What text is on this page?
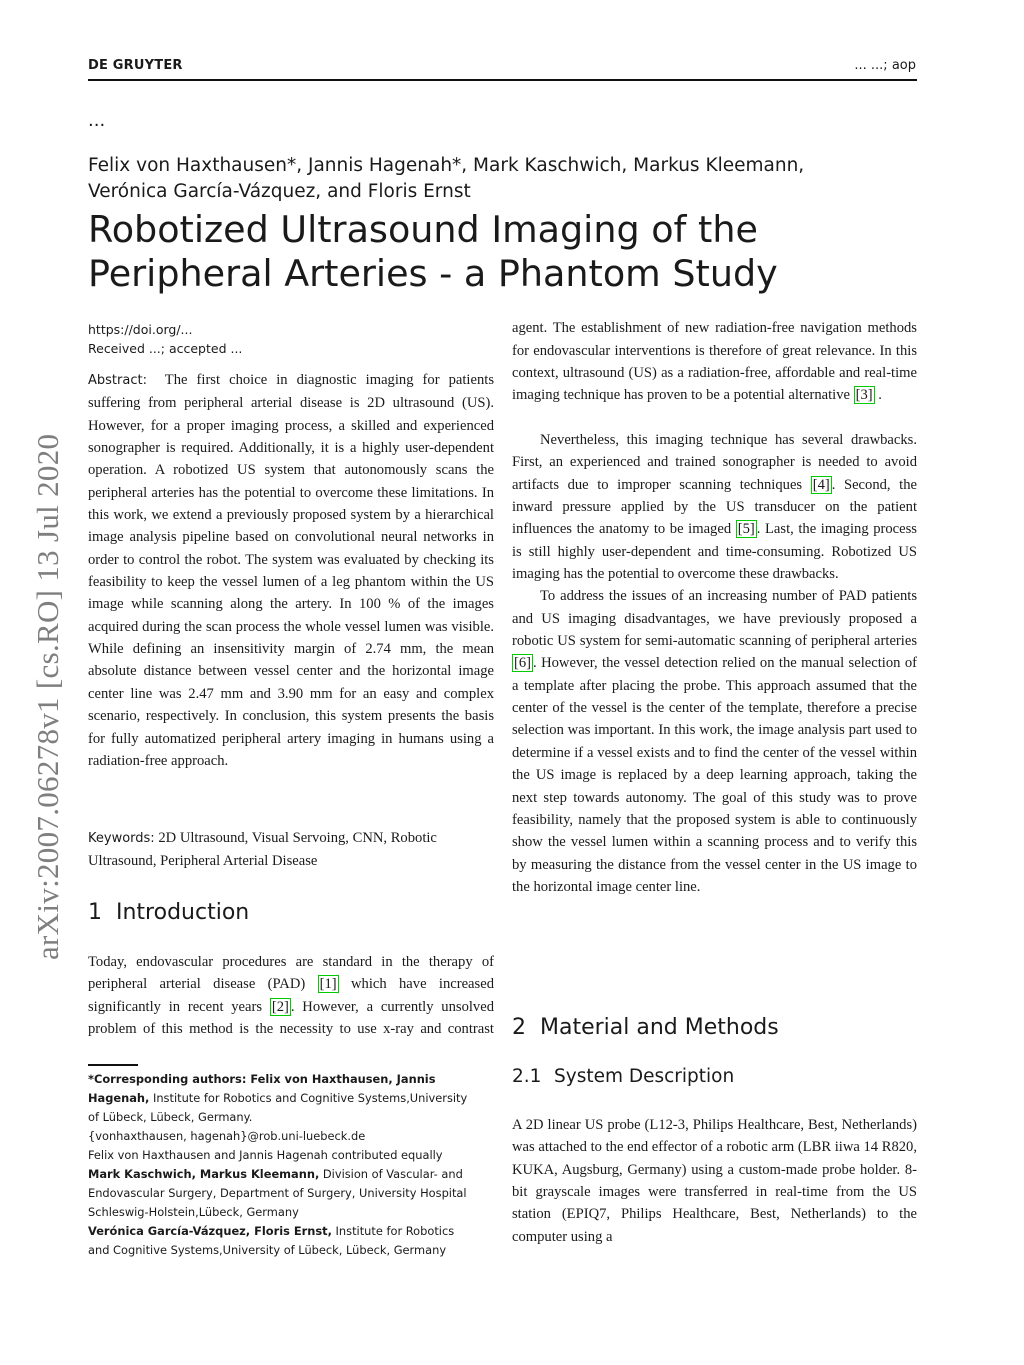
DE GRUYTER	... ...; aop
...
Felix von Haxthausen*, Jannis Hagenah*, Mark Kaschwich, Markus Kleemann, Verónica García-Vázquez, and Floris Ernst
Robotized Ultrasound Imaging of the
Peripheral Arteries - a Phantom Study
arXiv:2007.06278v1 [cs.RO] 13 Jul 2020
https://doi.org/...
Received ...; accepted ...

Abstract: The first choice in diagnostic imaging for patients suffering from peripheral arterial disease is 2D ultrasound (US). However, for a proper imaging process, a skilled and experienced sonographer is required. Additionally, it is a highly user-dependent operation. A robotized US system that autonomously scans the peripheral arteries has the potential to overcome these limitations. In this work, we extend a previously proposed system by a hierarchical image analysis pipeline based on convolutional neural networks in order to control the robot. The system was evaluated by checking its feasibility to keep the vessel lumen of a leg phantom within the US image while scanning along the artery. In 100 % of the images acquired during the scan process the whole vessel lumen was visible. While defining an insensitivity margin of 2.74 mm, the mean absolute distance between vessel center and the horizontal image center line was 2.47 mm and 3.90 mm for an easy and complex scenario, respectively. In conclusion, this system presents the basis for fully automatized peripheral artery imaging in humans using a radiation-free approach.

Keywords: 2D Ultrasound, Visual Servoing, CNN, Robotic Ultrasound, Peripheral Arterial Disease

1 Introduction

Today, endovascular procedures are standard in the therapy of peripheral arterial disease (PAD) [1] which have increased significantly in recent years [2] . However, a currently unsolved problem of this method is the necessity to use x-ray and contrast

agent. The establishment of new radiation-free navigation methods for endovascular interventions is therefore of great relevance. In this context, ultrasound (US) as a radiation-free, affordable and real-time imaging technique has proven to be a potential alternative [3] .

Nevertheless, this imaging technique has several drawbacks. First, an experienced and trained sonographer is needed to avoid artifacts due to improper scanning techniques [4] . Second, the inward pressure applied by the US transducer on the patient influences the anatomy to be imaged [5] . Last, the imaging process is still highly user-dependent and time-consuming. Robotized US imaging has the potential to overcome these drawbacks.

To address the issues of an increasing number of PAD patients and US imaging disadvantages, we have previously proposed a robotic US system for semi-automatic scanning of peripheral arteries [6] . However, the vessel detection relied on the manual selection of a template after placing the probe. This approach assumed that the center of the vessel is the center of the template, therefore a precise selection was important. In this work, the image analysis part used to determine if a vessel exists and to find the center of the vessel within the US image is replaced by a deep learning approach, taking the next step towards autonomy. The goal of this study was to prove feasibility, namely that the proposed system is able to continuously show the vessel lumen within a scanning process and to verify this by measuring the distance from the vessel center in the US image to the horizontal image center line.

2 Material and Methods
2.1 System Description

A 2D linear US probe (L12-3, Philips Healthcare, Best, Netherlands) was attached to the end effector of a robotic arm (LBR iiwa 14 R820, KUKA, Augsburg, Germany) using a custom-made probe holder. 8-bit grayscale images were transferred in real-time from the US station (EPIQ7, Philips Healthcare, Best, Netherlands) to the computer using a

*Corresponding authors: Felix von Haxthausen, Jannis
Hagenah, Institute for Robotics and Cognitive Systems,University
of Lübeck, Lübeck, Germany.
{vonhaxthausen, hagenah}@rob.uni-luebeck.de
Felix von Haxthausen and Jannis Hagenah contributed equally
Mark Kaschwich, Markus Kleemann, Division of Vascular- and
Endovascular Surgery, Department of Surgery, University Hospital
Schleswig-Holstein,Lübeck, Germany
Verónica García-Vázquez, Floris Ernst, Institute for Robotics
and Cognitive Systems,University of Lübeck, Lübeck, Germany
